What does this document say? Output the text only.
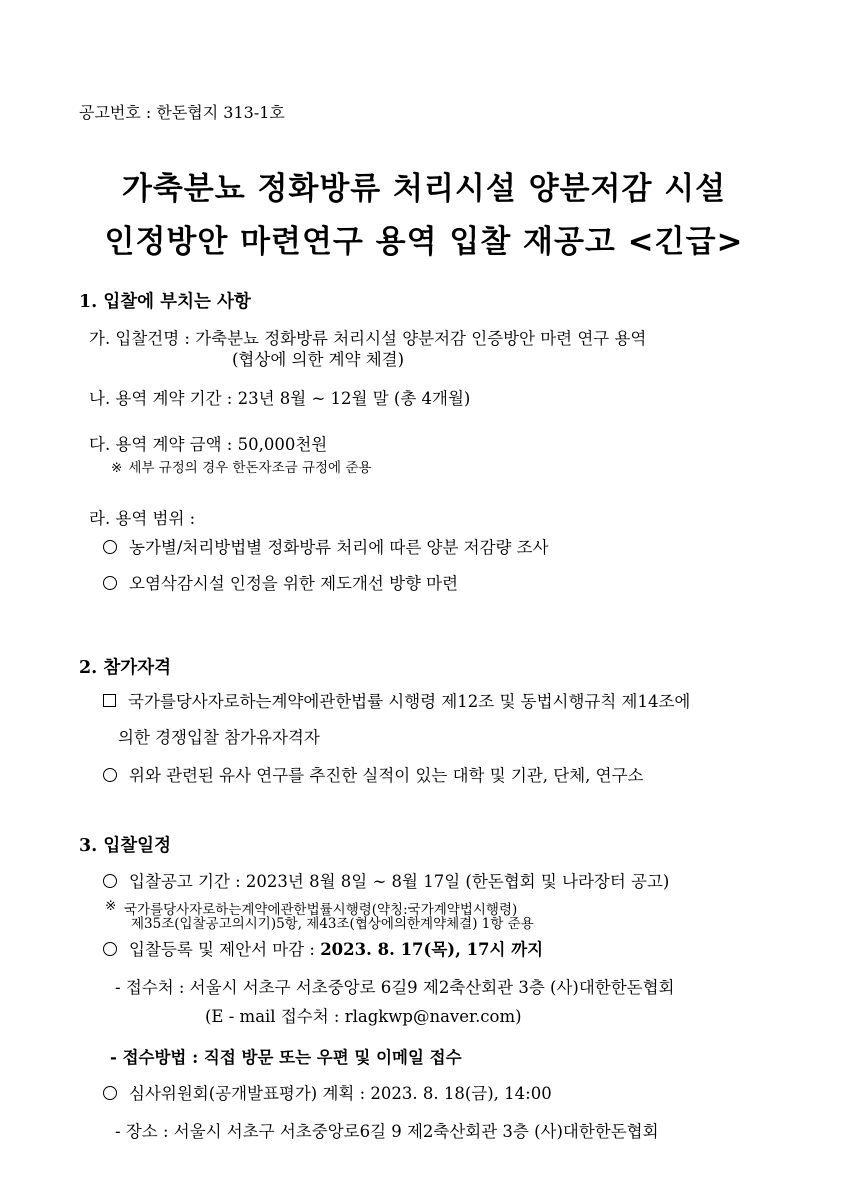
공고번호 : 한돈협지 313-1호
가축분뇨 정화방류 처리시설 양분저감 시설
인정방안 마련연구 용역 입찰 재공고 <긴급>
1. 입찰에 부치는 사항
가. 입찰건명 : 가축분뇨 정화방류 처리시설 양분저감 인증방안 마련 연구 용역
(협상에 의한 계약 체결)
나. 용역 계약 기간 : 23년 8월 ~ 12월 말 (총 4개월)
다. 용역 계약 금액 : 50,000천원
※ 세부 규정의 경우 한돈자조금 규정에 준용
라. 용역 범위 :
농가별/처리방법별 정화방류 처리에 따른 양분 저감량 조사
오염삭감시설 인정을 위한 제도개선 방향 마련
2. 참가자격
국가를당사자로하는계약에관한법률 시행령 제12조 및 동법시행규칙 제14조에
의한 경쟁입찰 참가유자격자
위와 관련된 유사 연구를 추진한 실적이 있는 대학 및 기관, 단체, 연구소
3. 입찰일정
입찰공고 기간 : 2023년 8월 8일 ∼ 8월 17일 (한돈협회 및 나라장터 공고)
※ 국가를당사자로하는계약에관한법률시행령(약칭:국가계약법시행령)
제35조(입찰공고의시기)5항, 제43조(협상에의한계약체결) 1항 준용
입찰등록 및 제안서 마감 : 2023. 8. 17(목), 17시 까지
- 접수처 : 서울시 서초구 서초중앙로 6길9 제2축산회관 3층 (사)대한한돈협회
(E - mail 접수처 : rlagkwp@naver.com)
- 접수방법 : 직접 방문 또는 우편 및 이메일 접수
심사위원회(공개발표평가) 계획 : 2023. 8. 18(금), 14:00
- 장소 : 서울시 서초구 서초중앙로6길 9 제2축산회관 3층 (사)대한한돈협회
